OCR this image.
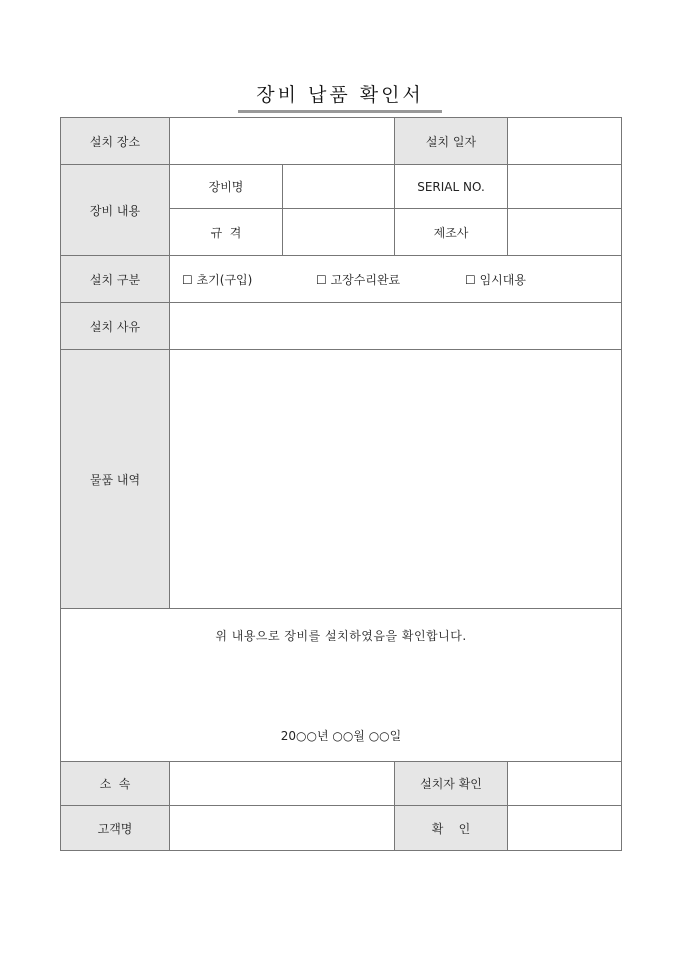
장비 납품 확인서
설치 장소			설치 일자	
장비 내용	장비명		SERIAL NO.	
	규  격		제조사	
설치 구분	☐ 초기(구입) ☐ 고장수리완료 ☐ 임시대용			

설치 사유				
물품 내역				

위 내용으로 장비를 설치하였음을 확인합니다.
20○○년 ○○월 ○○일				

소  속			설치자 확인	
고객명			확    인	
